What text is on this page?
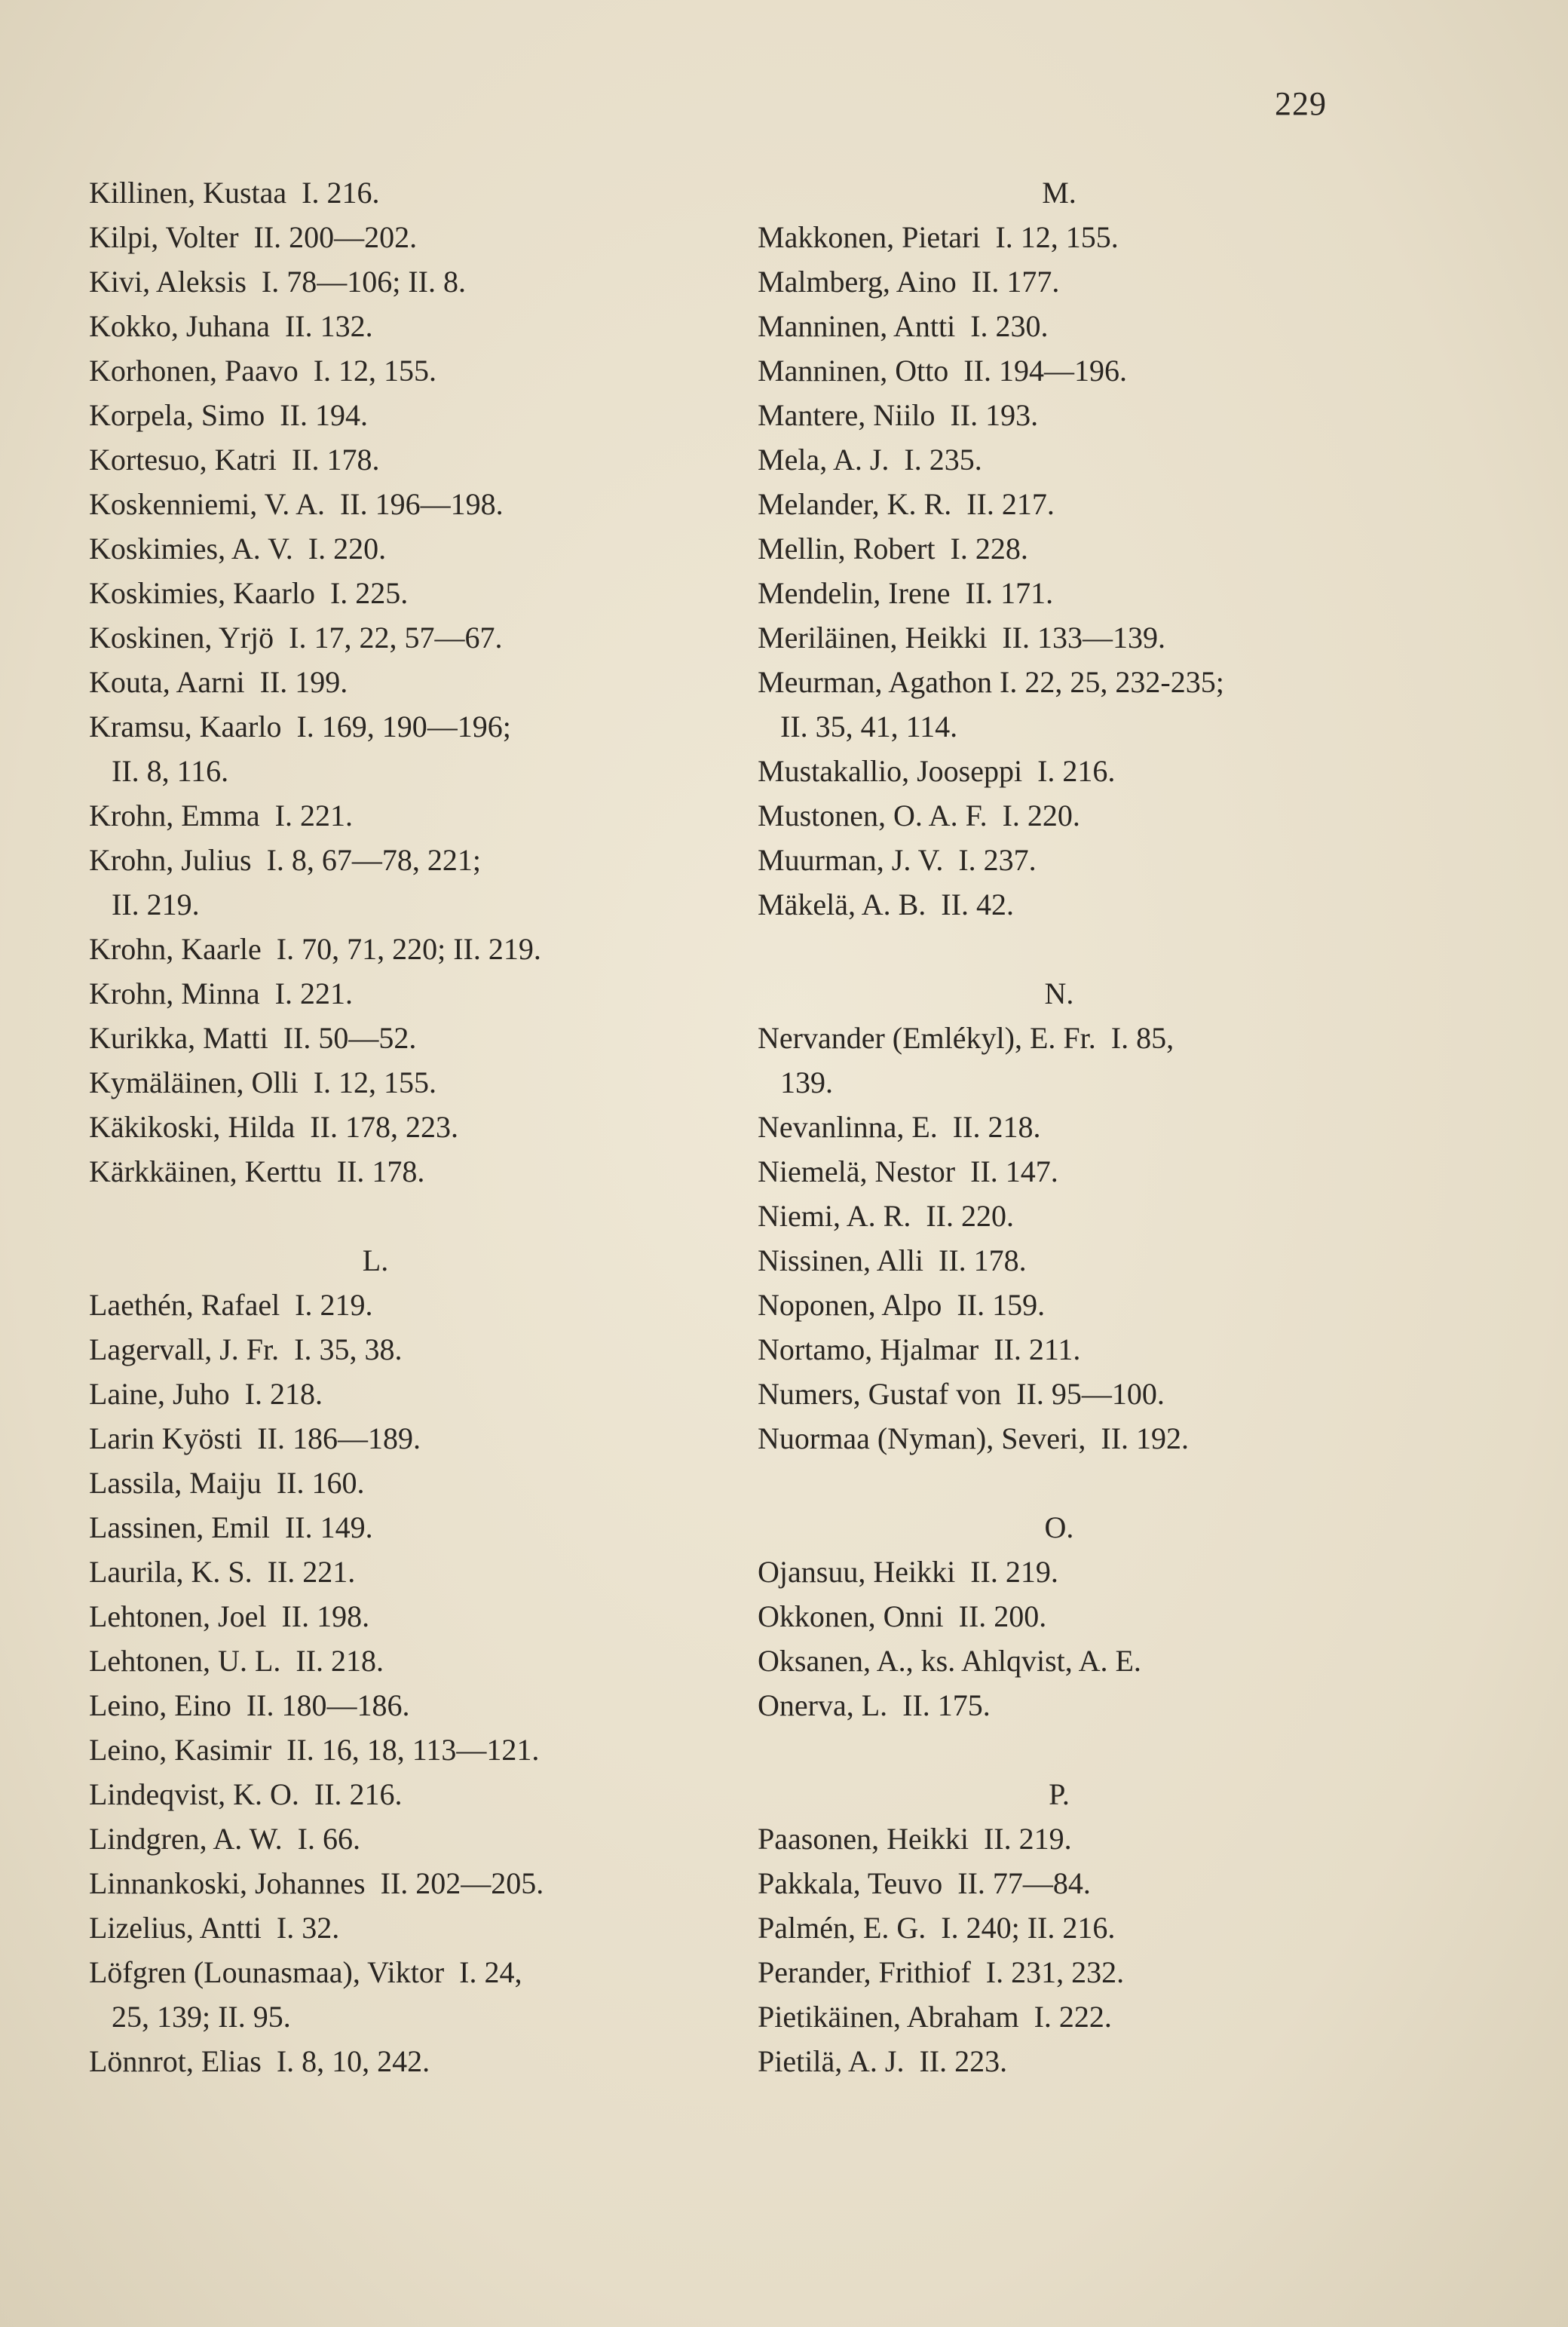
229
Killinen, Kustaa  I. 216.
Kilpi, Volter  II. 200—202.
Kivi, Aleksis  I. 78—106; II. 8.
Kokko, Juhana  II. 132.
Korhonen, Paavo  I. 12, 155.
Korpela, Simo  II. 194.
Kortesuo, Katri  II. 178.
Koskenniemi, V. A.  II. 196—198.
Koskimies, A. V.  I. 220.
Koskimies, Kaarlo  I. 225.
Koskinen, Yrjö  I. 17, 22, 57—67.
Kouta, Aarni  II. 199.
Kramsu, Kaarlo  I. 169, 190—196;
II. 8, 116.
Krohn, Emma  I. 221.
Krohn, Julius  I. 8, 67—78, 221;
II. 219.
Krohn, Kaarle  I. 70, 71, 220; II. 219.
Krohn, Minna  I. 221.
Kurikka, Matti  II. 50—52.
Kymäläinen, Olli  I. 12, 155.
Käkikoski, Hilda  II. 178, 223.
Kärkkäinen, Kerttu  II. 178.
L.
Laethén, Rafael  I. 219.
Lagervall, J. Fr.  I. 35, 38.
Laine, Juho  I. 218.
Larin Kyösti  II. 186—189.
Lassila, Maiju  II. 160.
Lassinen, Emil  II. 149.
Laurila, K. S.  II. 221.
Lehtonen, Joel  II. 198.
Lehtonen, U. L.  II. 218.
Leino, Eino  II. 180—186.
Leino, Kasimir  II. 16, 18, 113—121.
Lindeqvist, K. O.  II. 216.
Lindgren, A. W.  I. 66.
Linnankoski, Johannes  II. 202—205.
Lizelius, Antti  I. 32.
Löfgren (Lounasmaa), Viktor  I. 24,
25, 139; II. 95.
Lönnrot, Elias  I. 8, 10, 242.
M.
Makkonen, Pietari  I. 12, 155.
Malmberg, Aino  II. 177.
Manninen, Antti  I. 230.
Manninen, Otto  II. 194—196.
Mantere, Niilo  II. 193.
Mela, A. J.  I. 235.
Melander, K. R.  II. 217.
Mellin, Robert  I. 228.
Mendelin, Irene  II. 171.
Meriläinen, Heikki  II. 133—139.
Meurman, Agathon I. 22, 25, 232-235;
II. 35, 41, 114.
Mustakallio, Jooseppi  I. 216.
Mustonen, O. A. F.  I. 220.
Muurman, J. V.  I. 237.
Mäkelä, A. B.  II. 42.
N.
Nervander (Emlékyl), E. Fr.  I. 85,
139.
Nevanlinna, E.  II. 218.
Niemelä, Nestor  II. 147.
Niemi, A. R.  II. 220.
Nissinen, Alli  II. 178.
Noponen, Alpo  II. 159.
Nortamo, Hjalmar  II. 211.
Numers, Gustaf von  II. 95—100.
Nuormaa (Nyman), Severi,  II. 192.
O.
Ojansuu, Heikki  II. 219.
Okkonen, Onni  II. 200.
Oksanen, A., ks. Ahlqvist, A. E.
Onerva, L.  II. 175.
P.
Paasonen, Heikki  II. 219.
Pakkala, Teuvo  II. 77—84.
Palmén, E. G.  I. 240; II. 216.
Perander, Frithiof  I. 231, 232.
Pietikäinen, Abraham  I. 222.
Pietilä, A. J.  II. 223.
